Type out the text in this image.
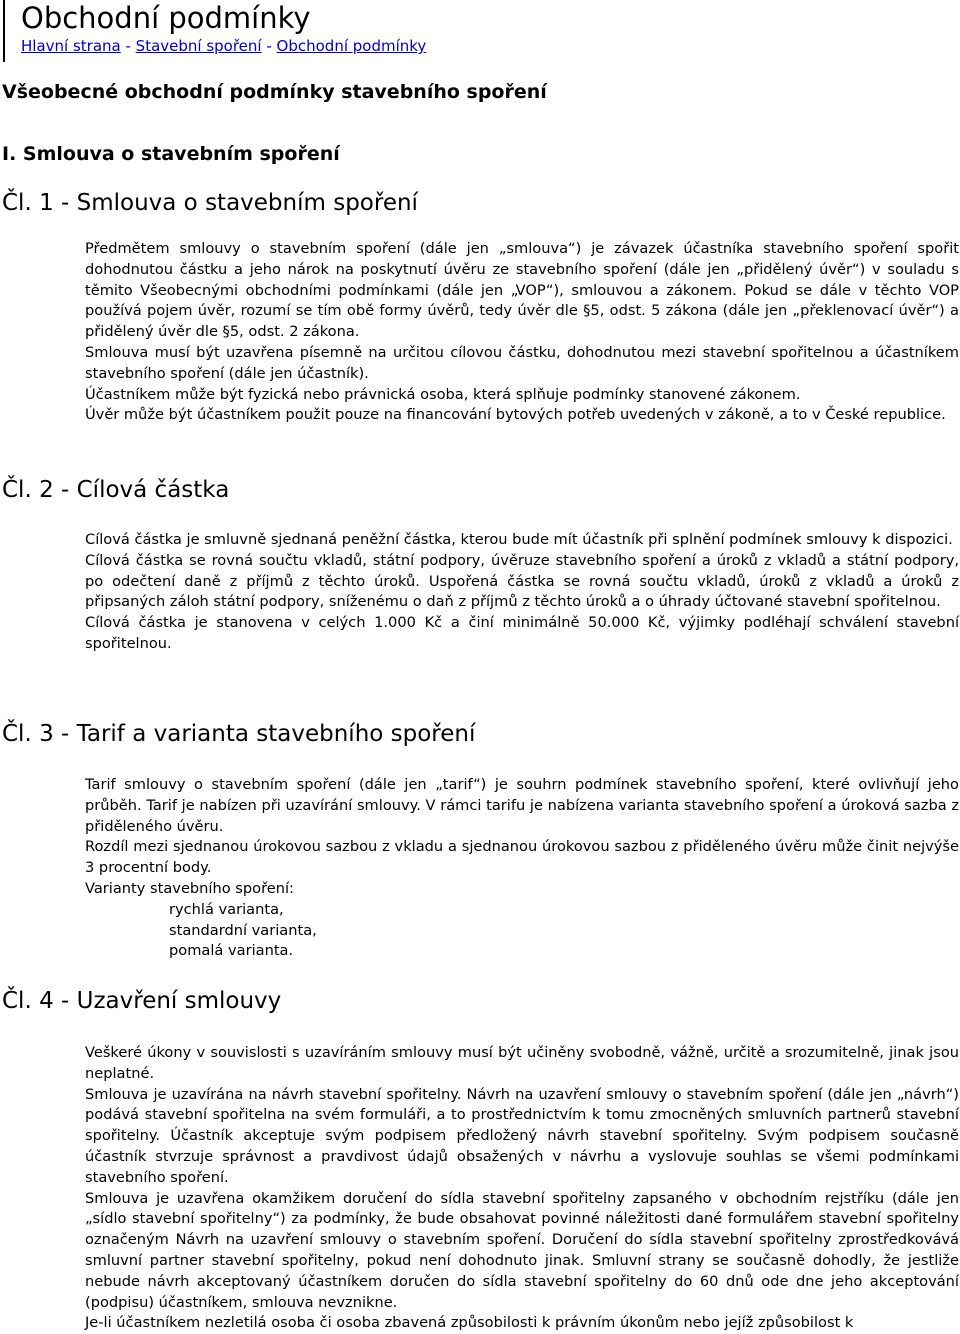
Obchodní podmínky
Hlavní strana - Stavební spoření - Obchodní podmínky
Všeobecné obchodní podmínky stavebního spoření
I. Smlouva o stavebním spoření
Čl. 1 - Smlouva o stavebním spoření

Předmětem smlouvy o stavebním spoření (dále jen „smlouva“) je závazek účastníka stavebního spoření spořit dohodnutou částku a jeho nárok na poskytnutí úvěru ze stavebního spoření (dále jen „přidělený úvěr“) v souladu s těmito Všeobecnými obchodními podmínkami (dále jen „VOP“), smlouvou a zákonem. Pokud se dále v těchto VOP používá pojem úvěr, rozumí se tím obě formy úvěrů, tedy úvěr dle §5, odst. 5 zákona (dále jen „překlenovací úvěr“) a přidělený úvěr dle §5, odst. 2 zákona.

Smlouva musí být uzavřena písemně na určitou cílovou částku, dohodnutou mezi stavební spořitelnou a účastníkem stavebního spoření (dále jen účastník).

Účastníkem může být fyzická nebo právnická osoba, která splňuje podmínky stanovené zákonem.

Úvěr může být účastníkem použit pouze na financování bytových potřeb uvedených v zákoně, a to v České republice.

Čl. 2 - Cílová částka

Cílová částka je smluvně sjednaná peněžní částka, kterou bude mít účastník při splnění podmínek smlouvy k dispozici.

Cílová částka se rovná součtu vkladů, státní podpory, úvěruze stavebního spoření a úroků z vkladů a státní podpory, po odečtení daně z příjmů z těchto úroků. Uspořená částka se rovná součtu vkladů, úroků z vkladů a úroků z připsaných záloh státní podpory, sníženému o daň z příjmů z těchto úroků a o úhrady účtované stavební spořitelnou.

Cílová částka je stanovena v celých 1.000 Kč a činí minimálně 50.000 Kč, výjimky podléhají schválení stavební spořitelnou.

Čl. 3 - Tarif a varianta stavebního spoření

Tarif smlouvy o stavebním spoření (dále jen „tarif“) je souhrn podmínek stavebního spoření, které ovlivňují jeho průběh. Tarif je nabízen při uzavírání smlouvy. V rámci tarifu je nabízena varianta stavebního spoření a úroková sazba z přiděleného úvěru.

Rozdíl mezi sjednanou úrokovou sazbou z vkladu a sjednanou úrokovou sazbou z přiděleného úvěru může činit nejvýše 3 procentní body.

Varianty stavebního spoření:

rychlá varianta,
standardní varianta,
pomalá varianta.
Čl. 4 - Uzavření smlouvy

Veškeré úkony v souvislosti s uzavíráním smlouvy musí být učiněny svobodně, vážně, určitě a srozumitelně, jinak jsou neplatné.

Smlouva je uzavírána na návrh stavební spořitelny. Návrh na uzavření smlouvy o stavebním spoření (dále jen „návrh“) podává stavební spořitelna na svém formuláři, a to prostřednictvím k tomu zmocněných smluvních partnerů stavební spořitelny. Účastník akceptuje svým podpisem předložený návrh stavební spořitelny. Svým podpisem současně účastník stvrzuje správnost a pravdivost údajů obsažených v návrhu a vyslovuje souhlas se všemi podmínkami stavebního spoření.

Smlouva je uzavřena okamžikem doručení do sídla stavební spořitelny zapsaného v obchodním rejstříku (dále jen „sídlo stavební spořitelny“) za podmínky, že bude obsahovat povinné náležitosti dané formulářem stavební spořitelny označeným Návrh na uzavření smlouvy o stavebním spoření. Doručení do sídla stavební spořitelny zprostředkovává smluvní partner stavební spořitelny, pokud není dohodnuto jinak. Smluvní strany se současně dohodly, že jestliže nebude návrh akceptovaný účastníkem doručen do sídla stavební spořitelny do 60 dnů ode dne jeho akceptování (podpisu) účastníkem, smlouva nevznikne.

Je-li účastníkem nezletilá osoba či osoba zbavená způsobilosti k právním úkonům nebo jejíž způsobilost k
